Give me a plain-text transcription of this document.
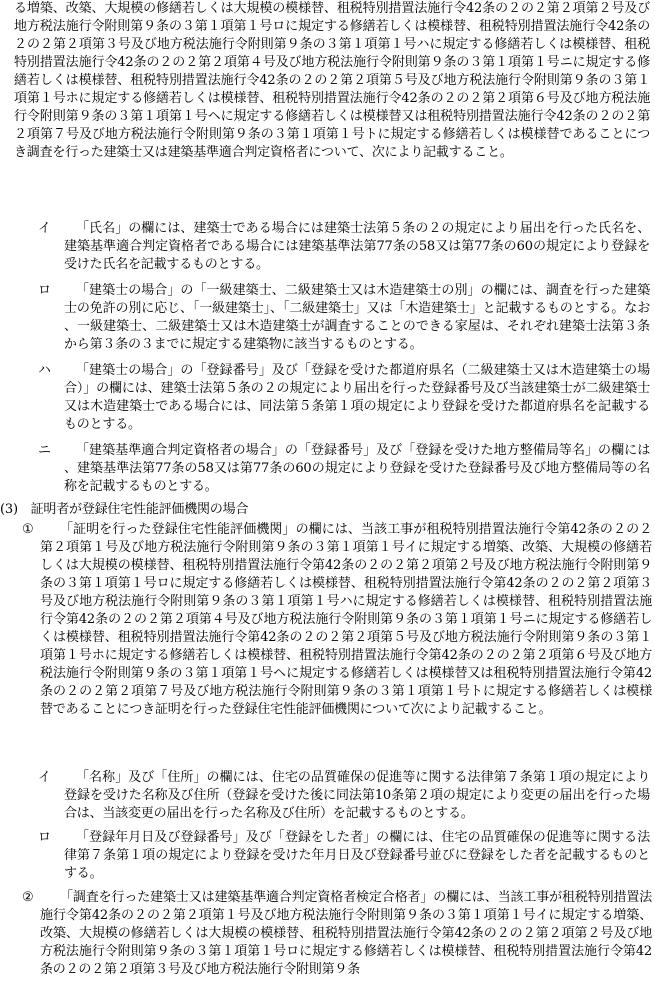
る増築、改築、大規模の修繕若しくは大規模の模様替、租税特別措置法施行令42条の２の２第２項第２号及び地方税法施行令附則第９条の３第１項第１号ロに規定する修繕若しくは模様替、租税特別措置法施行令42条の２の２第２項第３号及び地方税法施行令附則第９条の３第１項第１号ハに規定する修繕若しくは模様替、租税特別措置法施行令42条の２の２第２項第４号及び地方税法施行令附則第９条の３第１項第１号ニに規定する修繕若しくは模様替、租税特別措置法施行令42条の２の２第２項第５号及び地方税法施行令附則第９条の３第１項第１号ホに規定する修繕若しくは模様替、租税特別措置法施行令42条の２の２第２項第６号及び地方税法施行令附則第９条の３第１項第１号ヘに規定する修繕若しくは模様替又は租税特別措置法施行令42条の２の２第２項第７号及び地方税法施行令附則第９条の３第１項第１号トに規定する修繕若しくは模様替であることにつき調査を行った建築士又は建築基準適合判定資格者について、次により記載すること。

イ	「氏名」の欄には、建築士である場合には建築士法第５条の２の規定により届出を行った氏名を、建築基準適合判定資格者である場合には建築基準法第77条の58又は第77条の60の規定により登録を受けた氏名を記載するものとする。

ロ	「建築士の場合」の「一級建築士、二級建築士又は木造建築士の別」の欄には、調査を行った建築士の免許の別に応じ、「一級建築士」、「二級建築士」又は「木造建築士」と記載するものとする。なお、一級建築士、二級建築士又は木造建築士が調査することのできる家屋は、それぞれ建築士法第３条から第３条の３までに規定する建築物に該当するものとする。

ハ	「建築士の場合」の「登録番号」及び「登録を受けた都道府県名（二級建築士又は木造建築士の場合）」の欄には、建築士法第５条の２の規定により届出を行った登録番号及び当該建築士が二級建築士又は木造建築士である場合には、同法第５条第１項の規定により登録を受けた都道府県名を記載するものとする。

ニ	「建築基準適合判定資格者の場合」の「登録番号」及び「登録を受けた地方整備局等名」の欄には、建築基準法第77条の58又は第77条の60の規定により登録を受けた登録番号及び地方整備局等の名称を記載するものとする。

(3)　証明者が登録住宅性能評価機関の場合

①	「証明を行った登録住宅性能評価機関」の欄には、当該工事が租税特別措置法施行令第42条の２の２第２項第１号及び地方税法施行令附則第９条の３第１項第１号イに規定する増築、改築、大規模の修繕若しくは大規模の模様替、租税特別措置法施行令第42条の２の２第２項第２号及び地方税法施行令附則第９条の３第１項第１号ロに規定する修繕若しくは模様替、租税特別措置法施行令第42条の２の２第２項第３号及び地方税法施行令附則第９条の３第１項第１号ハに規定する修繕若しくは模様替、租税特別措置法施行令第42条の２の２第２項第４号及び地方税法施行令附則第９条の３第１項第１号ニに規定する修繕若しくは模様替、租税特別措置法施行令第42条の２の２第２項第５号及び地方税法施行令附則第９条の３第１項第１号ホに規定する修繕若しくは模様替、租税特別措置法施行令第42条の２の２第２項第６号及び地方税法施行令附則第９条の３第１項第１号ヘに規定する修繕若しくは模様替又は租税特別措置法施行令第42条の２の２第２項第７号及び地方税法施行令附則第９条の３第１項第１号トに規定する修繕若しくは模様替であることにつき証明を行った登録住宅性能評価機関について次により記載すること。

イ	「名称」及び「住所」の欄には、住宅の品質確保の促進等に関する法律第７条第１項の規定により登録を受けた名称及び住所（登録を受けた後に同法第10条第２項の規定により変更の届出を行った場合は、当該変更の届出を行った名称及び住所）を記載するものとする。

ロ	「登録年月日及び登録番号」及び「登録をした者」の欄には、住宅の品質確保の促進等に関する法律第７条第１項の規定により登録を受けた年月日及び登録番号並びに登録をした者を記載するものとする。

②	「調査を行った建築士又は建築基準適合判定資格者検定合格者」の欄には、当該工事が租税特別措置法施行令第42条の２の２第２項第１号及び地方税法施行令附則第９条の３第１項第１号イに規定する増築、改築、大規模の修繕若しくは大規模の模様替、租税特別措置法施行令第42条の２の２第２項第２号及び地方税法施行令附則第９条の３第１項第１号ロに規定する修繕若しくは模様替、租税特別措置法施行令第42条の２の２第２項第３号及び地方税法施行令附則第９条
